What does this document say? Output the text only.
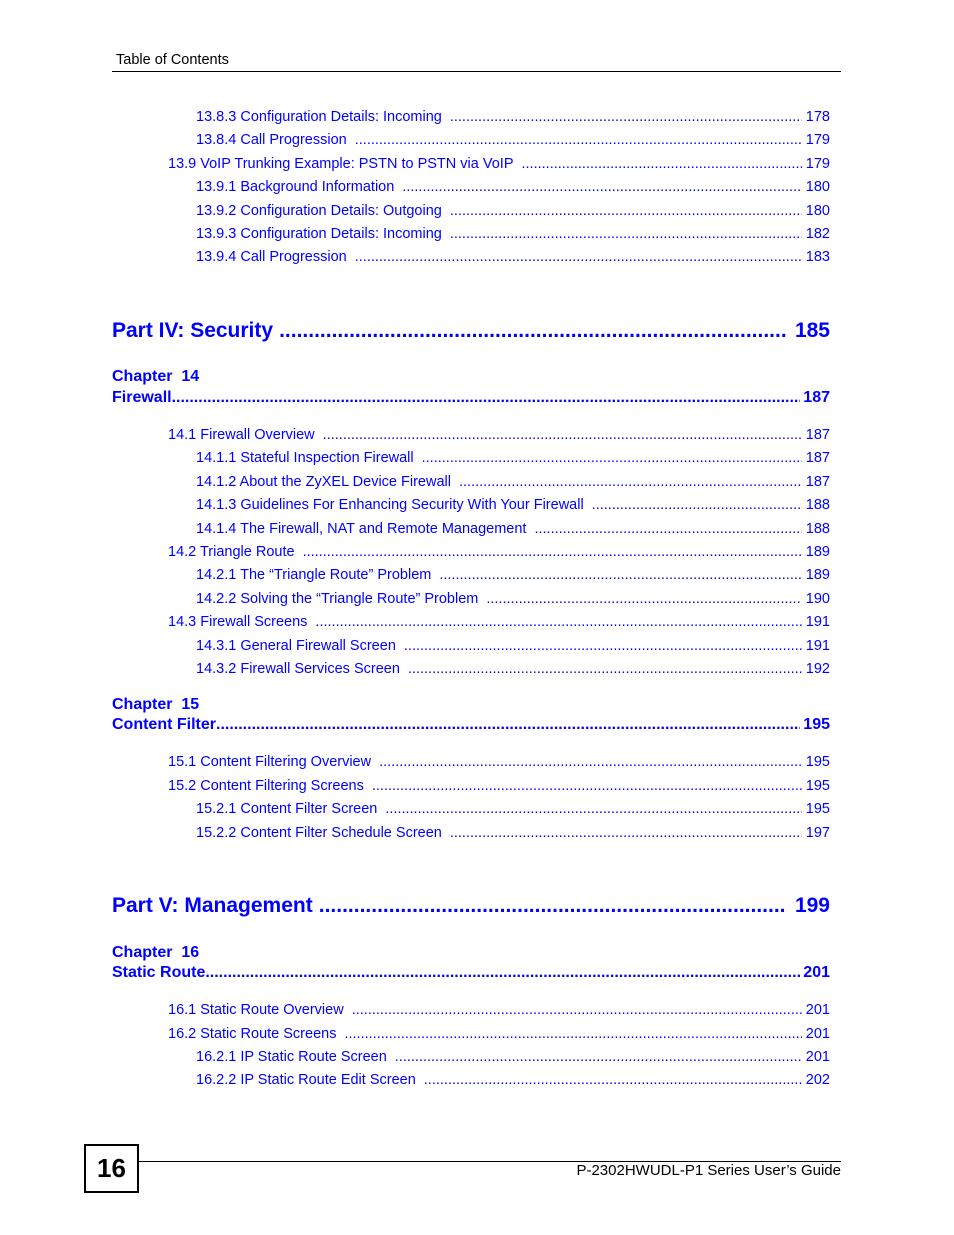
Table of Contents
13.8.3 Configuration Details: Incoming .....	178
13.8.4 Call Progression .....	179
13.9 VoIP Trunking Example: PSTN to PSTN via VoIP .....	179
13.9.1 Background Information .....	180
13.9.2 Configuration Details: Outgoing .....	180
13.9.3 Configuration Details: Incoming .....	182
13.9.4 Call Progression .....	183
Part IV: Security .....	185
Chapter  14
Firewall .....	187
14.1 Firewall Overview .....	187
14.1.1 Stateful Inspection Firewall .....	187
14.1.2 About the ZyXEL Device Firewall .....	187
14.1.3 Guidelines For Enhancing Security With Your Firewall .....	188
14.1.4 The Firewall, NAT and Remote Management .....	188
14.2 Triangle Route .....	189
14.2.1 The “Triangle Route” Problem .....	189
14.2.2 Solving the “Triangle Route” Problem .....	190
14.3 Firewall Screens .....	191
14.3.1 General Firewall Screen .....	191
14.3.2 Firewall Services Screen .....	192
Chapter  15
Content Filter .....	195
15.1 Content Filtering Overview .....	195
15.2 Content Filtering Screens .....	195
15.2.1 Content Filter Screen .....	195
15.2.2 Content Filter Schedule Screen .....	197
Part V: Management .....	199
Chapter  16
Static Route .....	201
16.1 Static Route Overview .....	201
16.2 Static Route Screens .....	201
16.2.1 IP Static Route Screen .....	201
16.2.2 IP Static Route Edit Screen .....	202
16	P-2302HWUDL-P1 Series User’s Guide
